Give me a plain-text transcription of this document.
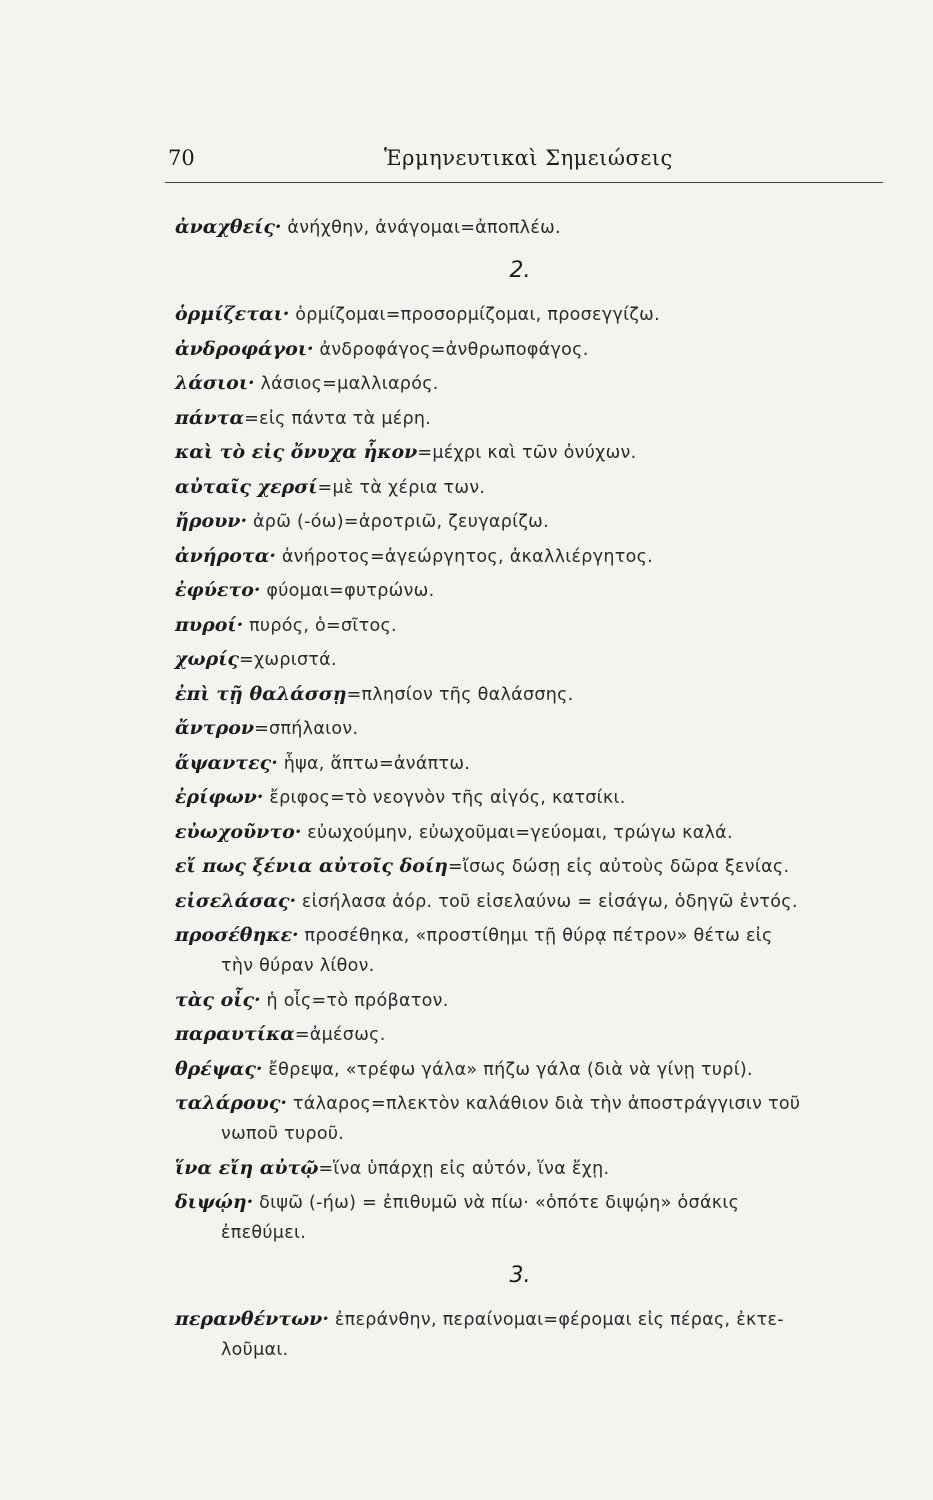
70	Ἑρμηνευτικαὶ Σημειώσεις
ἀναχθείς· ἀνήχθην, ἀνάγομαι=ἀποπλέω.
2.
ὁρμίζεται· ὁρμίζομαι=προσορμίζομαι, προσεγγίζω.
ἀνδροφάγοι· ἀνδροφάγος=ἀνθρωποφάγος.
λάσιοι· λάσιος=μαλλιαρός.
πάντα=εἰς πάντα τὰ μέρη.
καὶ τὸ εἰς ὄνυχα ἧκον=μέχρι καὶ τῶν ὀνύχων.
αὐταῖς χερσί=μὲ τὰ χέρια των.
ἤρουν· ἀρῶ (-όω)=ἀροτριῶ, ζευγαρίζω.
ἀνήροτα· ἀνήροτος=ἀγεώργητος, ἀκαλλιέργητος.
ἐφύετο· φύομαι=φυτρώνω.
πυροί· πυρός, ὁ=σῖτος.
χωρίς=χωριστά.
ἐπὶ τῇ θαλάσσῃ=πλησίον τῆς θαλάσσης.
ἄντρον=σπήλαιον.
ἅψαντες· ἧψα, ἅπτω=ἀνάπτω.
ἐρίφων· ἔριφος=τὸ νεογνὸν τῆς αἰγός, κατσίκι.
εὐωχοῦντο· εὐωχούμην, εὐωχοῦμαι=γεύομαι, τρώγω καλά.
εἴ πως ξένια αὐτοῖς δοίη=ἴσως δώσῃ εἰς αὐτοὺς δῶρα ξενίας.
εἰσελάσας· εἰσήλασα ἀόρ. τοῦ εἰσελαύνω = εἰσάγω, ὁδηγῶ ἐντός.
προσέθηκε· προσέθηκα, «προστίθημι τῇ θύρᾳ πέτρον» θέτω εἰς
τὴν θύραν λίθον.
τὰς οἶς· ἡ οἶς=τὸ πρόβατον.
παραυτίκα=ἀμέσως.
θρέψας· ἔθρεψα, «τρέφω γάλα» πήζω γάλα (διὰ νὰ γίνῃ τυρί).
ταλάρους· τάλαρος=πλεκτὸν καλάθιον διὰ τὴν ἀποστράγγισιν τοῦ
νωποῦ τυροῦ.
ἵνα εἴη αὐτῷ=ἵνα ὑπάρχῃ εἰς αὐτόν, ἵνα ἔχῃ.
διψῴη· διψῶ (-ήω) = ἐπιθυμῶ νὰ πίω· «ὁπότε διψῴη» ὁσάκις
ἐπεθύμει.
3.
περανθέντων· ἐπεράνθην, περαίνομαι=φέρομαι εἰς πέρας, ἐκτε-
λοῦμαι.
